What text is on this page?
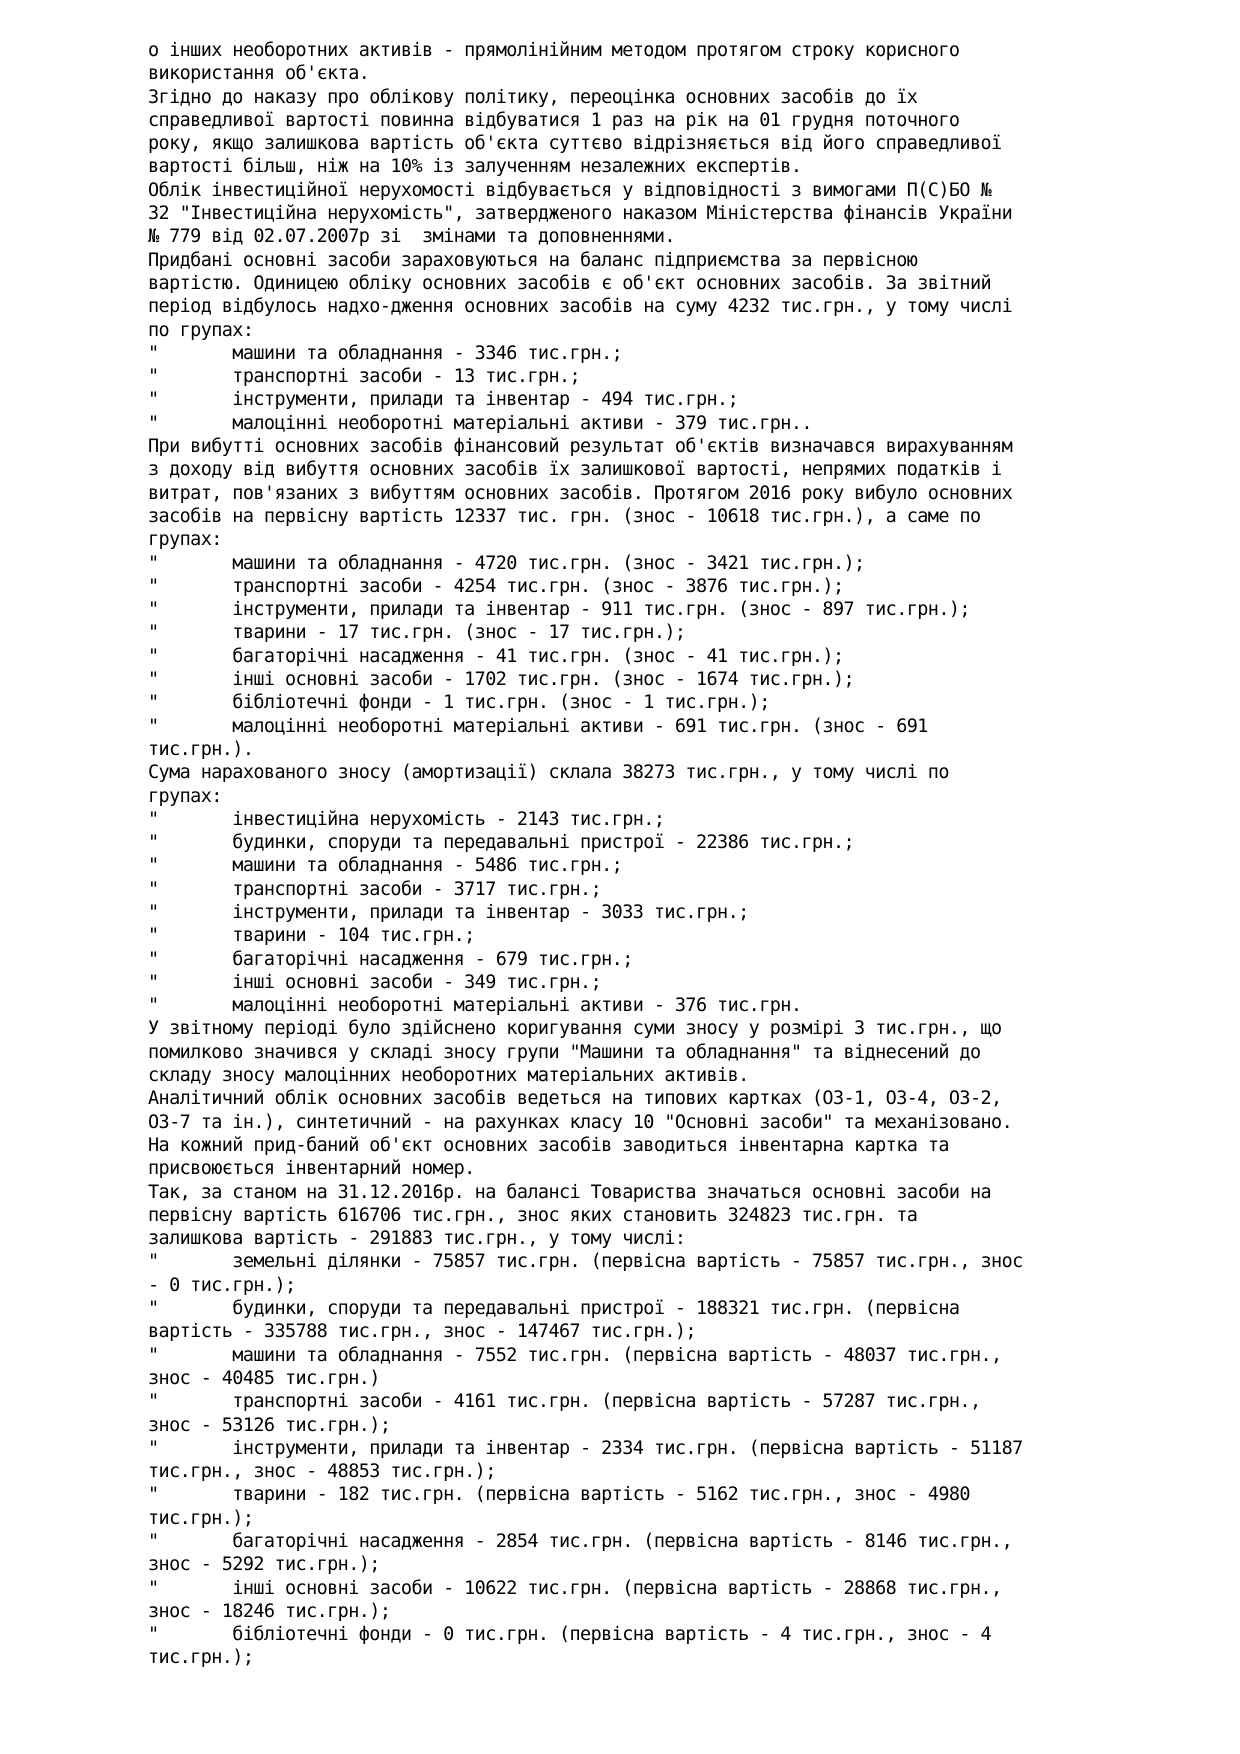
о інших необоротних активів - прямолінійним методом протягом строку корисного
використання об'єкта.
Згідно до наказу про облікову політику, переоцінка основних засобів до їх
справедливої вартості повинна відбуватися 1 раз на рік на 01 грудня поточного
року, якщо залишкова вартість об'єкта суттєво відрізняється від його справедливої
вартості більш, ніж на 10% із залученням незалежних експертів.
Облік інвестиційної нерухомості відбувається у відповідності з вимогами П(С)БО №
32 "Інвестиційна нерухомість", затвердженого наказом Міністерства фінансів України
№ 779 від 02.07.2007р зі  змінами та доповненнями.
Придбані основні засоби зараховуються на баланс підприємства за первісною
вартістю. Одиницею обліку основних засобів є об'єкт основних засобів. За звітний
період відбулось надхо-дження основних засобів на суму 4232 тис.грн., у тому числі
по групах:
"       машини та обладнання - 3346 тис.грн.;
"       транспортні засоби - 13 тис.грн.;
"       інструменти, прилади та інвентар - 494 тис.грн.;
"       малоцінні необоротні матеріальні активи - 379 тис.грн..
При вибутті основних засобів фінансовий результат об'єктів визначався вирахуванням
з доходу від вибуття основних засобів їх залишкової вартості, непрямих податків і
витрат, пов'язаних з вибуттям основних засобів. Протягом 2016 року вибуло основних
засобів на первісну вартість 12337 тис. грн. (знос - 10618 тис.грн.), а саме по
групах:
"       машини та обладнання - 4720 тис.грн. (знос - 3421 тис.грн.);
"       транспортні засоби - 4254 тис.грн. (знос - 3876 тис.грн.);
"       інструменти, прилади та інвентар - 911 тис.грн. (знос - 897 тис.грн.);
"       тварини - 17 тис.грн. (знос - 17 тис.грн.);
"       багаторічні насадження - 41 тис.грн. (знос - 41 тис.грн.);
"       інші основні засоби - 1702 тис.грн. (знос - 1674 тис.грн.);
"       бібліотечні фонди - 1 тис.грн. (знос - 1 тис.грн.);
"       малоцінні необоротні матеріальні активи - 691 тис.грн. (знос - 691
тис.грн.).
Сума нарахованого зносу (амортизації) склала 38273 тис.грн., у тому числі по
групах:
"       інвестиційна нерухомість - 2143 тис.грн.;
"       будинки, споруди та передавальні пристрої - 22386 тис.грн.;
"       машини та обладнання - 5486 тис.грн.;
"       транспортні засоби - 3717 тис.грн.;
"       інструменти, прилади та інвентар - 3033 тис.грн.;
"       тварини - 104 тис.грн.;
"       багаторічні насадження - 679 тис.грн.;
"       інші основні засоби - 349 тис.грн.;
"       малоцінні необоротні матеріальні активи - 376 тис.грн.
У звітному періоді було здійснено коригування суми зносу у розмірі 3 тис.грн., що
помилково значився у складі зносу групи "Машини та обладнання" та віднесений до
складу зносу малоцінних необоротних матеріальних активів.
Аналітичний облік основних засобів ведеться на типових картках (ОЗ-1, ОЗ-4, ОЗ-2,
ОЗ-7 та ін.), синтетичний - на рахунках класу 10 "Основні засоби" та механізовано.
На кожний прид-баний об'єкт основних засобів заводиться інвентарна картка та
присвоюється інвентарний номер.
Так, за станом на 31.12.2016р. на балансі Товариства значаться основні засоби на
первісну вартість 616706 тис.грн., знос яких становить 324823 тис.грн. та
залишкова вартість - 291883 тис.грн., у тому числі:
"       земельні ділянки - 75857 тис.грн. (первісна вартість - 75857 тис.грн., знос
- 0 тис.грн.);
"       будинки, споруди та передавальні пристрої - 188321 тис.грн. (первісна
вартість - 335788 тис.грн., знос - 147467 тис.грн.);
"       машини та обладнання - 7552 тис.грн. (первісна вартість - 48037 тис.грн.,
знос - 40485 тис.грн.)
"       транспортні засоби - 4161 тис.грн. (первісна вартість - 57287 тис.грн.,
знос - 53126 тис.грн.);
"       інструменти, прилади та інвентар - 2334 тис.грн. (первісна вартість - 51187
тис.грн., знос - 48853 тис.грн.);
"       тварини - 182 тис.грн. (первісна вартість - 5162 тис.грн., знос - 4980
тис.грн.);
"       багаторічні насадження - 2854 тис.грн. (первісна вартість - 8146 тис.грн.,
знос - 5292 тис.грн.);
"       інші основні засоби - 10622 тис.грн. (первісна вартість - 28868 тис.грн.,
знос - 18246 тис.грн.);
"       бібліотечні фонди - 0 тис.грн. (первісна вартість - 4 тис.грн., знос - 4
тис.грн.);
